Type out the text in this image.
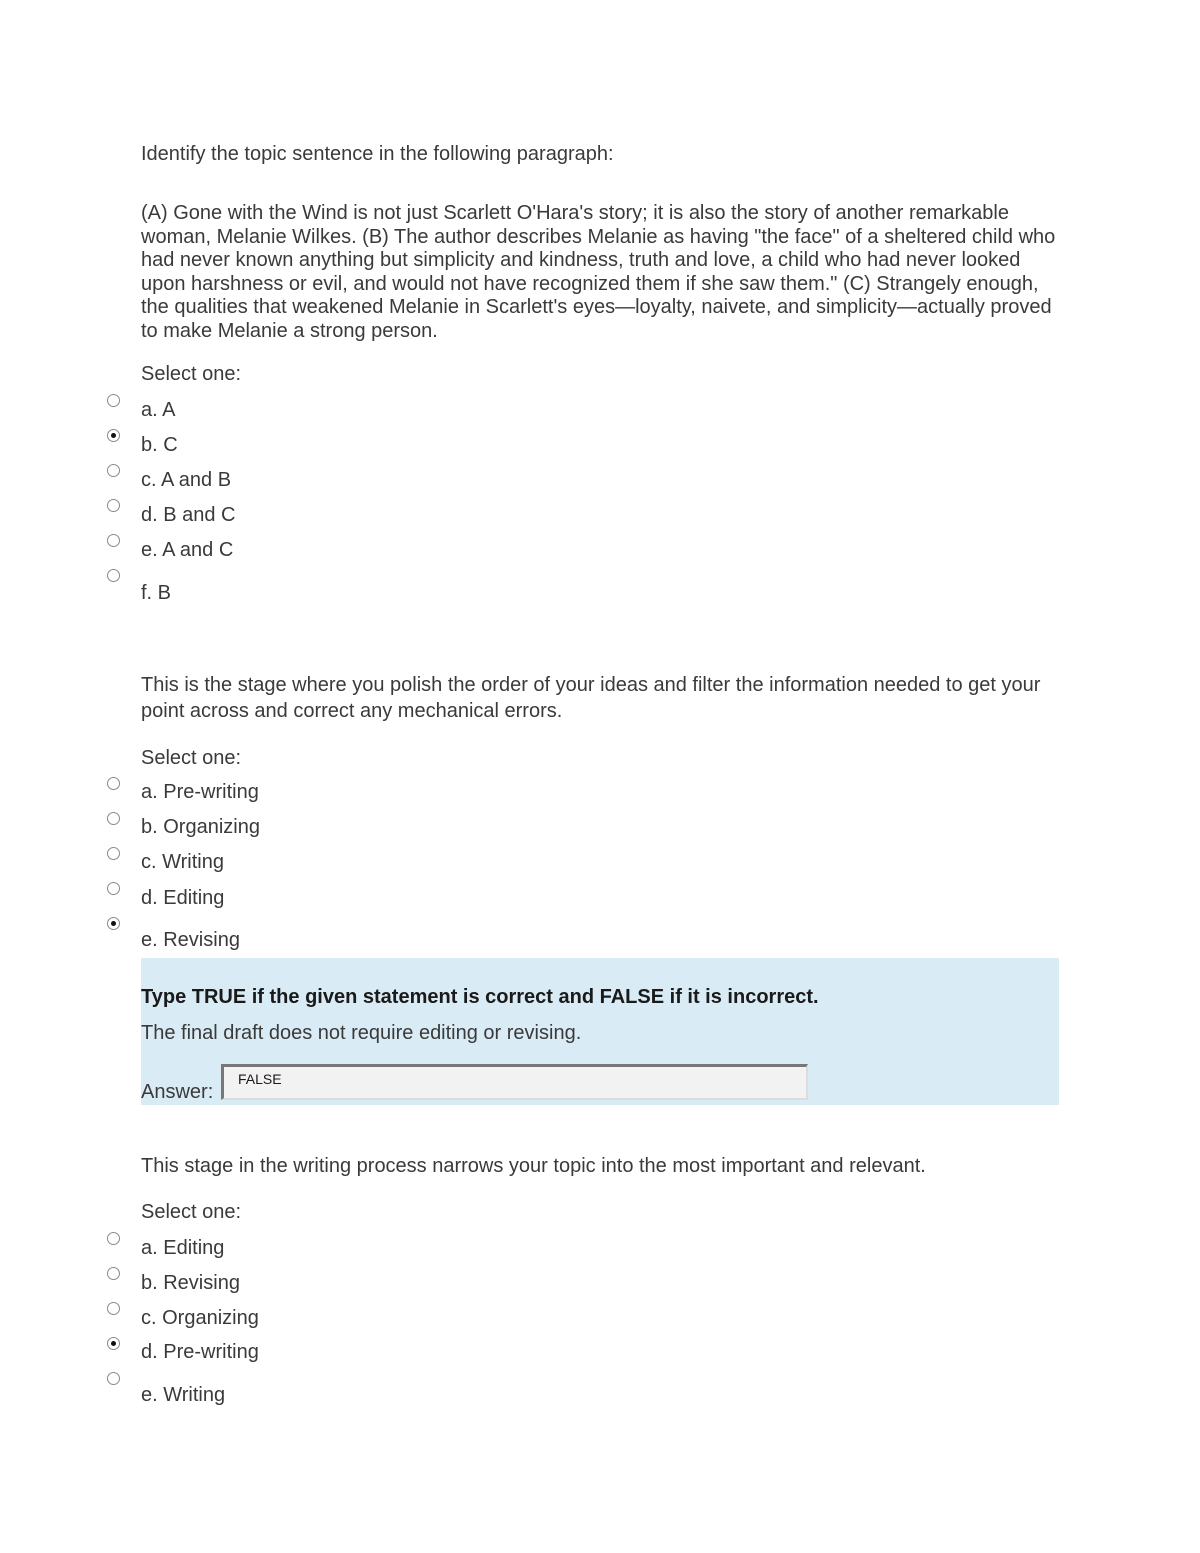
Identify the topic sentence in the following paragraph:
(A) Gone with the Wind is not just Scarlett O'Hara's story; it is also the story of another remarkable woman, Melanie Wilkes. (B) The author describes Melanie as having "the face" of a sheltered child who had never known anything but simplicity and kindness, truth and love, a child who had never looked upon harshness or evil, and would not have recognized them if she saw them." (C) Strangely enough, the qualities that weakened Melanie in Scarlett's eyes—loyalty, naivete, and simplicity—actually proved to make Melanie a strong person.
Select one:
a. A
b. C
c. A and B
d. B and C
e. A and C
f. B
This is the stage where you polish the order of your ideas and filter the information needed to get your point across and correct any mechanical errors.
Select one:
a. Pre-writing
b. Organizing
c. Writing
d. Editing
e. Revising
Type TRUE if the given statement is correct and FALSE if it is incorrect.
The final draft does not require editing or revising.
Answer:
FALSE
This stage in the writing process narrows your topic into the most important and relevant.
Select one:
a. Editing
b. Revising
c. Organizing
d. Pre-writing
e. Writing
